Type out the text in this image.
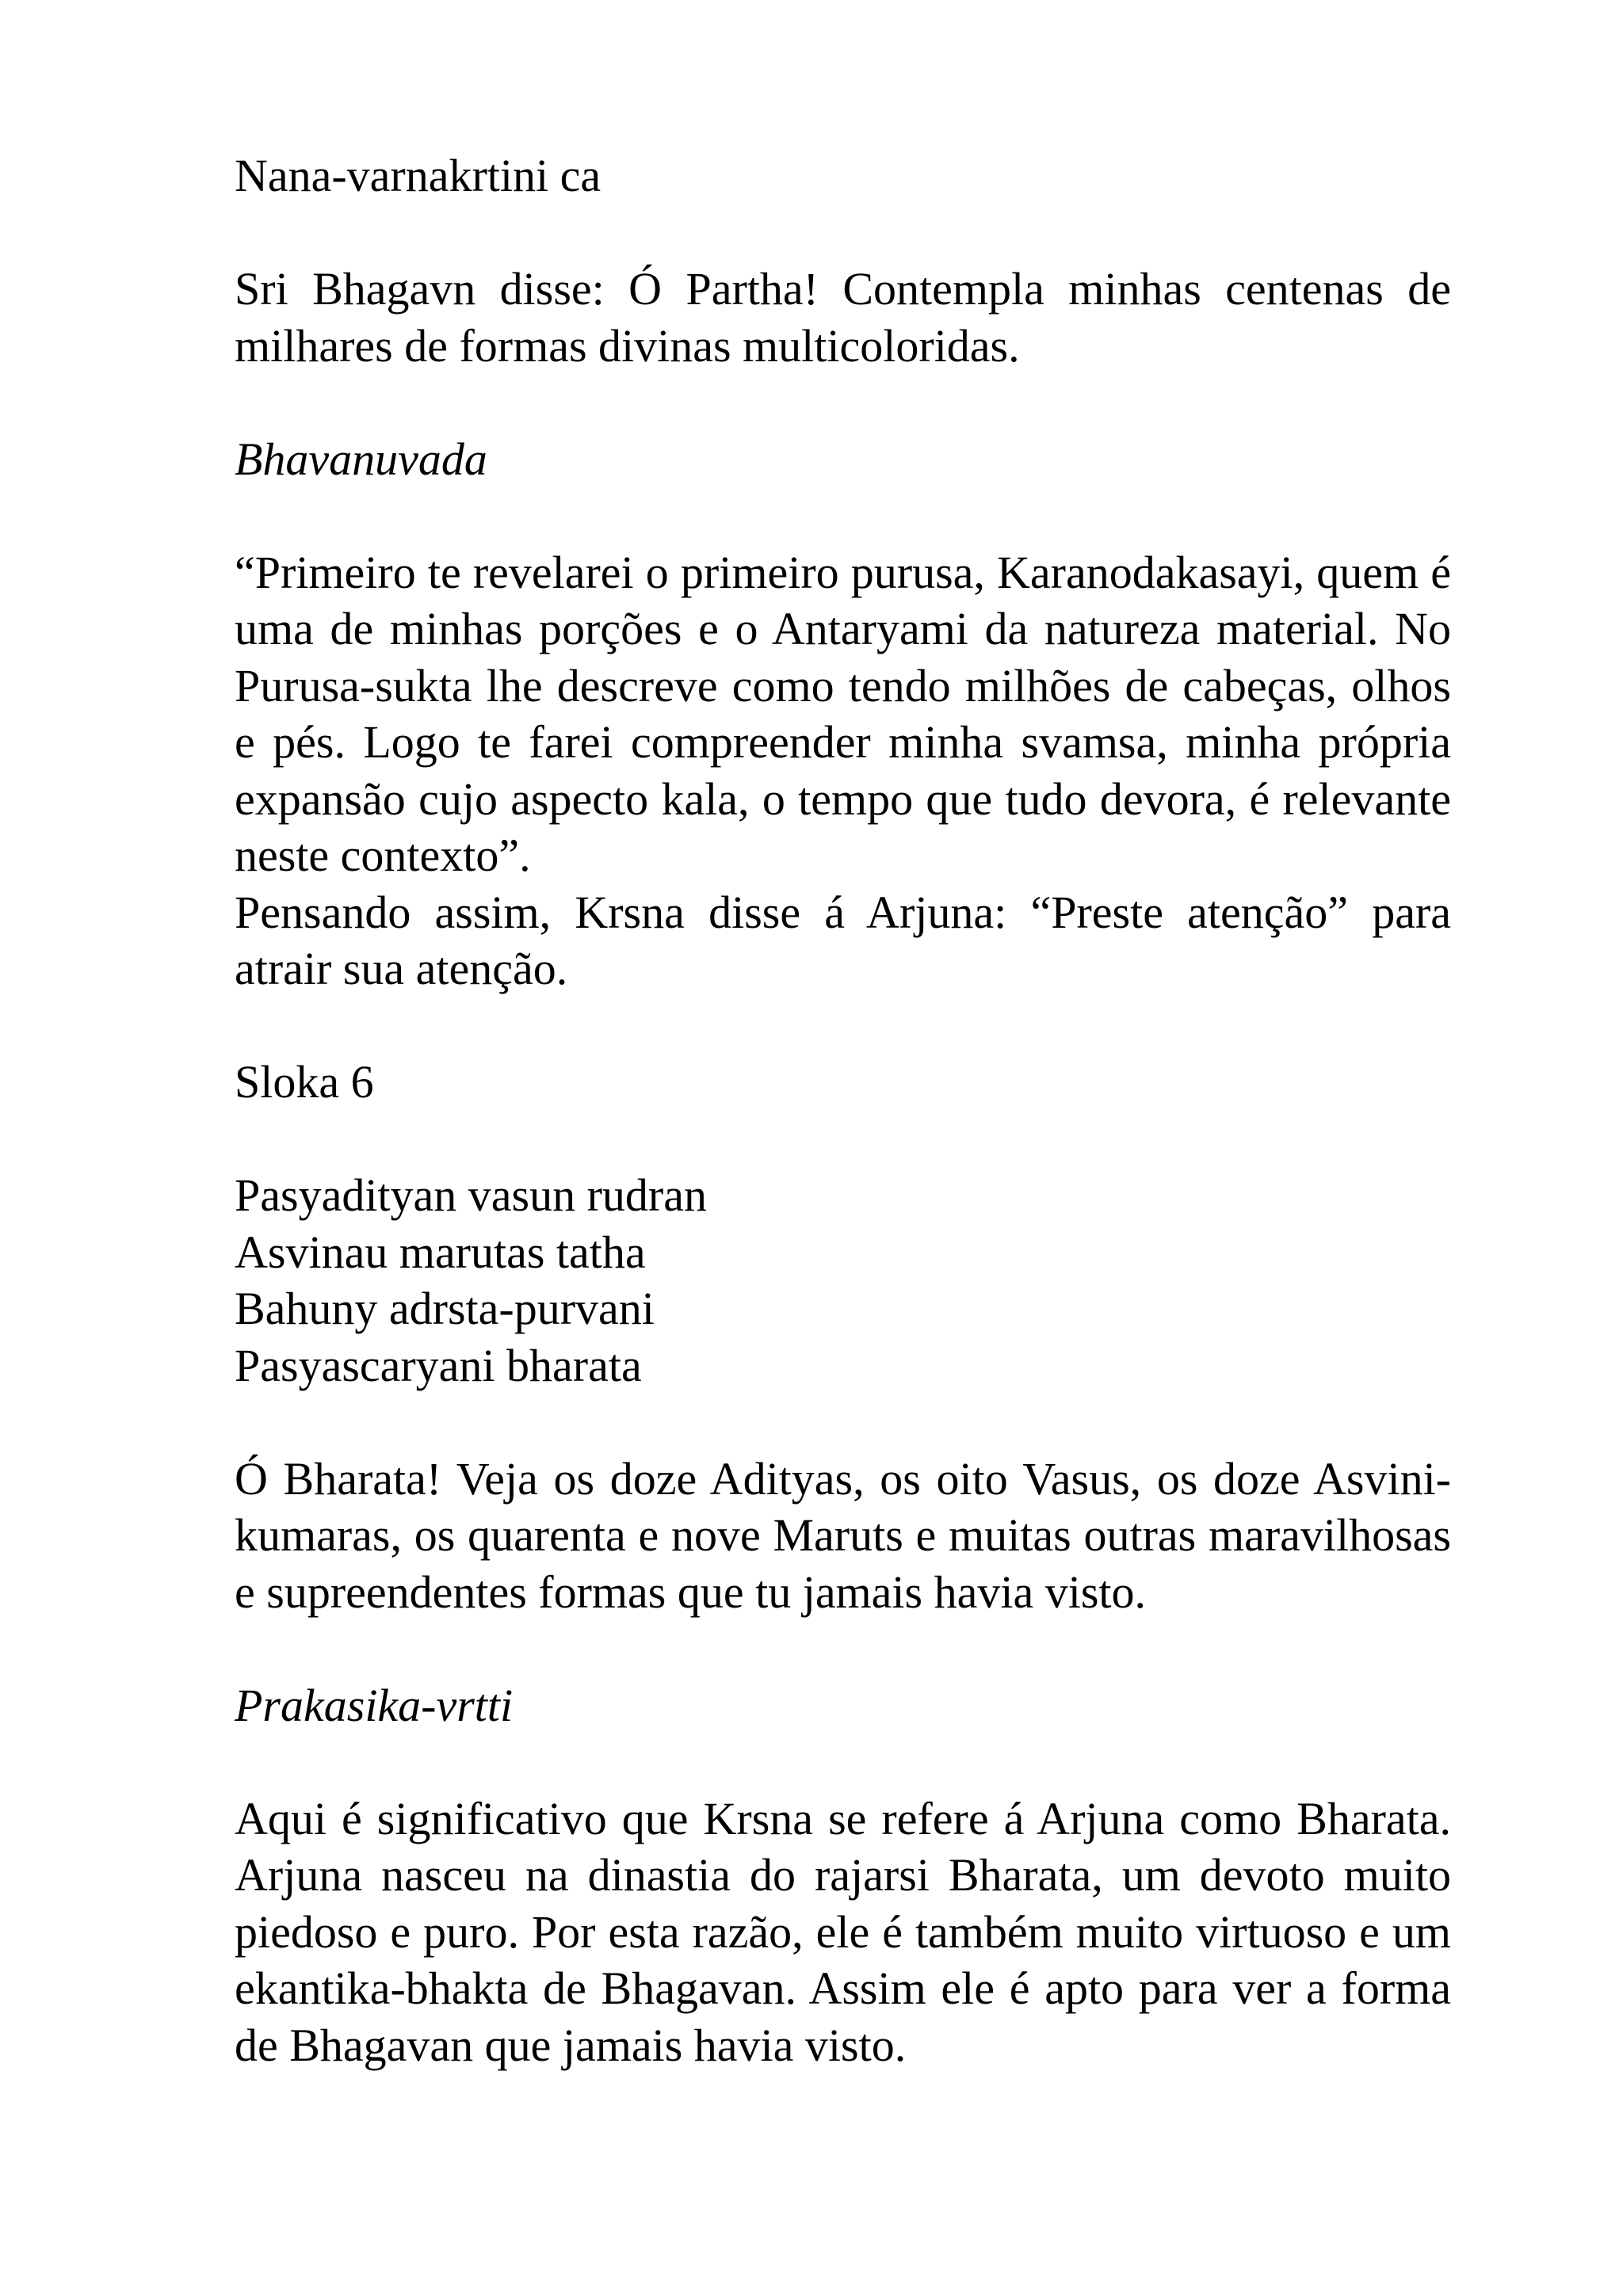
Nana-varnakrtini ca

Sri Bhagavn disse: Ó Partha! Contempla minhas centenas de milhares de formas divinas multicoloridas.

Bhavanuvada

“Primeiro te revelarei o primeiro purusa, Karanodakasayi, quem é uma de minhas porções e o Antaryami da natureza material. No Purusa-sukta lhe descreve como tendo milhões de cabeças, olhos e pés. Logo te farei compreender minha svamsa, minha própria expansão cujo aspecto kala, o tempo que tudo devora, é relevante neste contexto”.

Pensando assim, Krsna disse á Arjuna: “Preste atenção” para atrair sua atenção.

Sloka 6

Pasyadityan vasun rudran
Asvinau marutas tatha
Bahuny adrsta-purvani
Pasyascaryani bharata

Ó Bharata! Veja os doze Adityas, os oito Vasus, os doze Asvini-kumaras, os quarenta e nove Maruts e muitas outras maravilhosas e supreendentes formas que tu jamais havia visto.

Prakasika-vrtti

Aqui é significativo que Krsna se refere á Arjuna como Bharata. Arjuna nasceu na dinastia do rajarsi Bharata, um devoto muito piedoso e puro. Por esta razão, ele é também muito virtuoso e um ekantika-bhakta de Bhagavan. Assim ele é apto para ver a forma de Bhagavan que jamais havia visto.
